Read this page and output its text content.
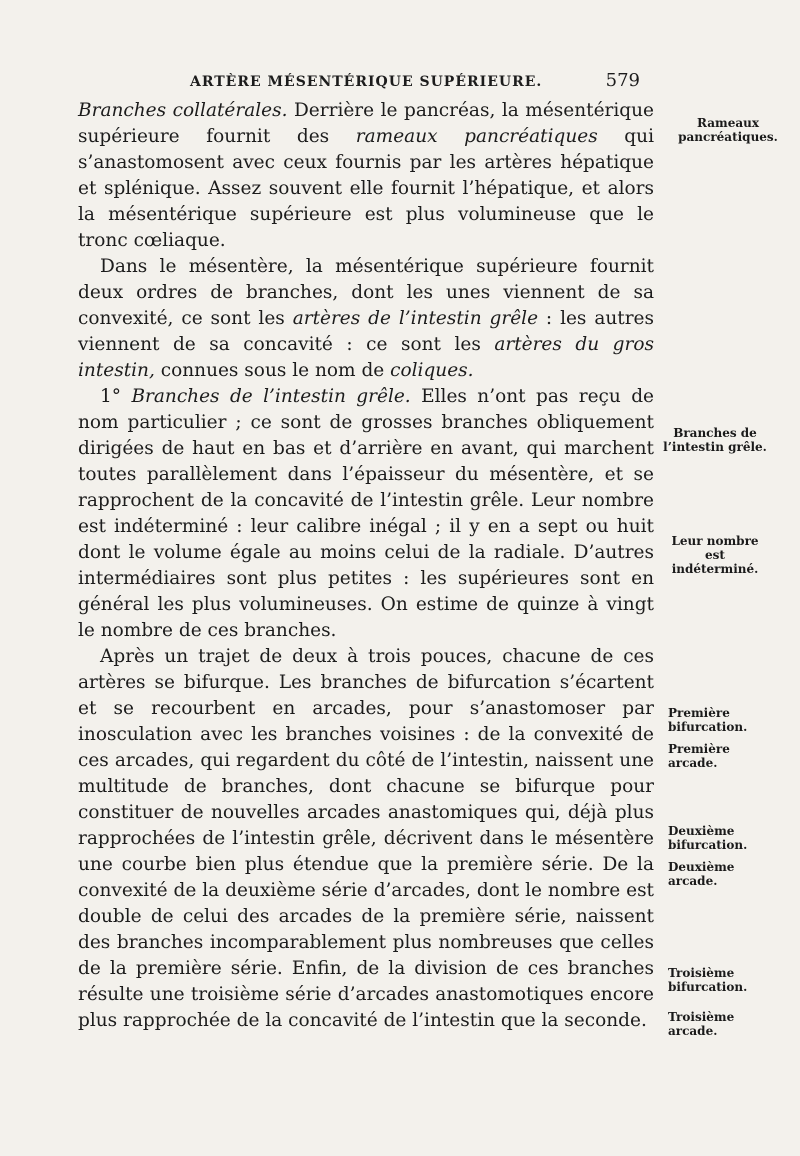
ARTÈRE MÉSENTÉRIQUE SUPÉRIEURE.	579

Branches collatérales. Derrière le pancréas, la mésentérique supérieure fournit des rameaux pancréatiques qui s’anastomosent avec ceux fournis par les artères hépatique et splénique. Assez souvent elle fournit l’hépatique, et alors la mésentérique supérieure est plus volumineuse que le tronc cœliaque.

Dans le mésentère, la mésentérique supérieure fournit deux ordres de branches, dont les unes viennent de sa convexité, ce sont les artères de l’intestin grêle : les autres viennent de sa concavité : ce sont les artères du gros intestin, connues sous le nom de coliques.

1° Branches de l’intestin grêle. Elles n’ont pas reçu de nom particulier ; ce sont de grosses branches obliquement dirigées de haut en bas et d’arrière en avant, qui marchent toutes parallèlement dans l’épaisseur du mésentère, et se rapprochent de la concavité de l’intestin grêle. Leur nombre est indéterminé : leur calibre inégal ; il y en a sept ou huit dont le volume égale au moins celui de la radiale. D’autres intermédiaires sont plus petites : les supérieures sont en général les plus volumineuses. On estime de quinze à vingt le nombre de ces branches.

Après un trajet de deux à trois pouces, chacune de ces artères se bifurque. Les branches de bifurcation s’écartent et se recourbent en arcades, pour s’anastomoser par inosculation avec les branches voisines : de la convexité de ces arcades, qui regardent du côté de l’intestin, naissent une multitude de branches, dont chacune se bifurque pour constituer de nouvelles arcades anastomiques qui, déjà plus rapprochées de l’intestin grêle, décrivent dans le mésentère une courbe bien plus étendue que la première série. De la convexité de la deuxième série d’arcades, dont le nombre est double de celui des arcades de la première série, naissent des branches incomparablement plus nombreuses que celles de la première série. Enfin, de la division de ces branches résulte une troisième série d’arcades anastomotiques encore plus rapprochée de la concavité de l’intestin que la seconde.

Rameaux pancréatiques.
Branches de l’intestin grêle.
Leur nombre est indéterminé.
Première bifurcation.
Première arcade.
Deuxième bifurcation.
Deuxième arcade.
Troisième bifurcation.
Troisième arcade.
